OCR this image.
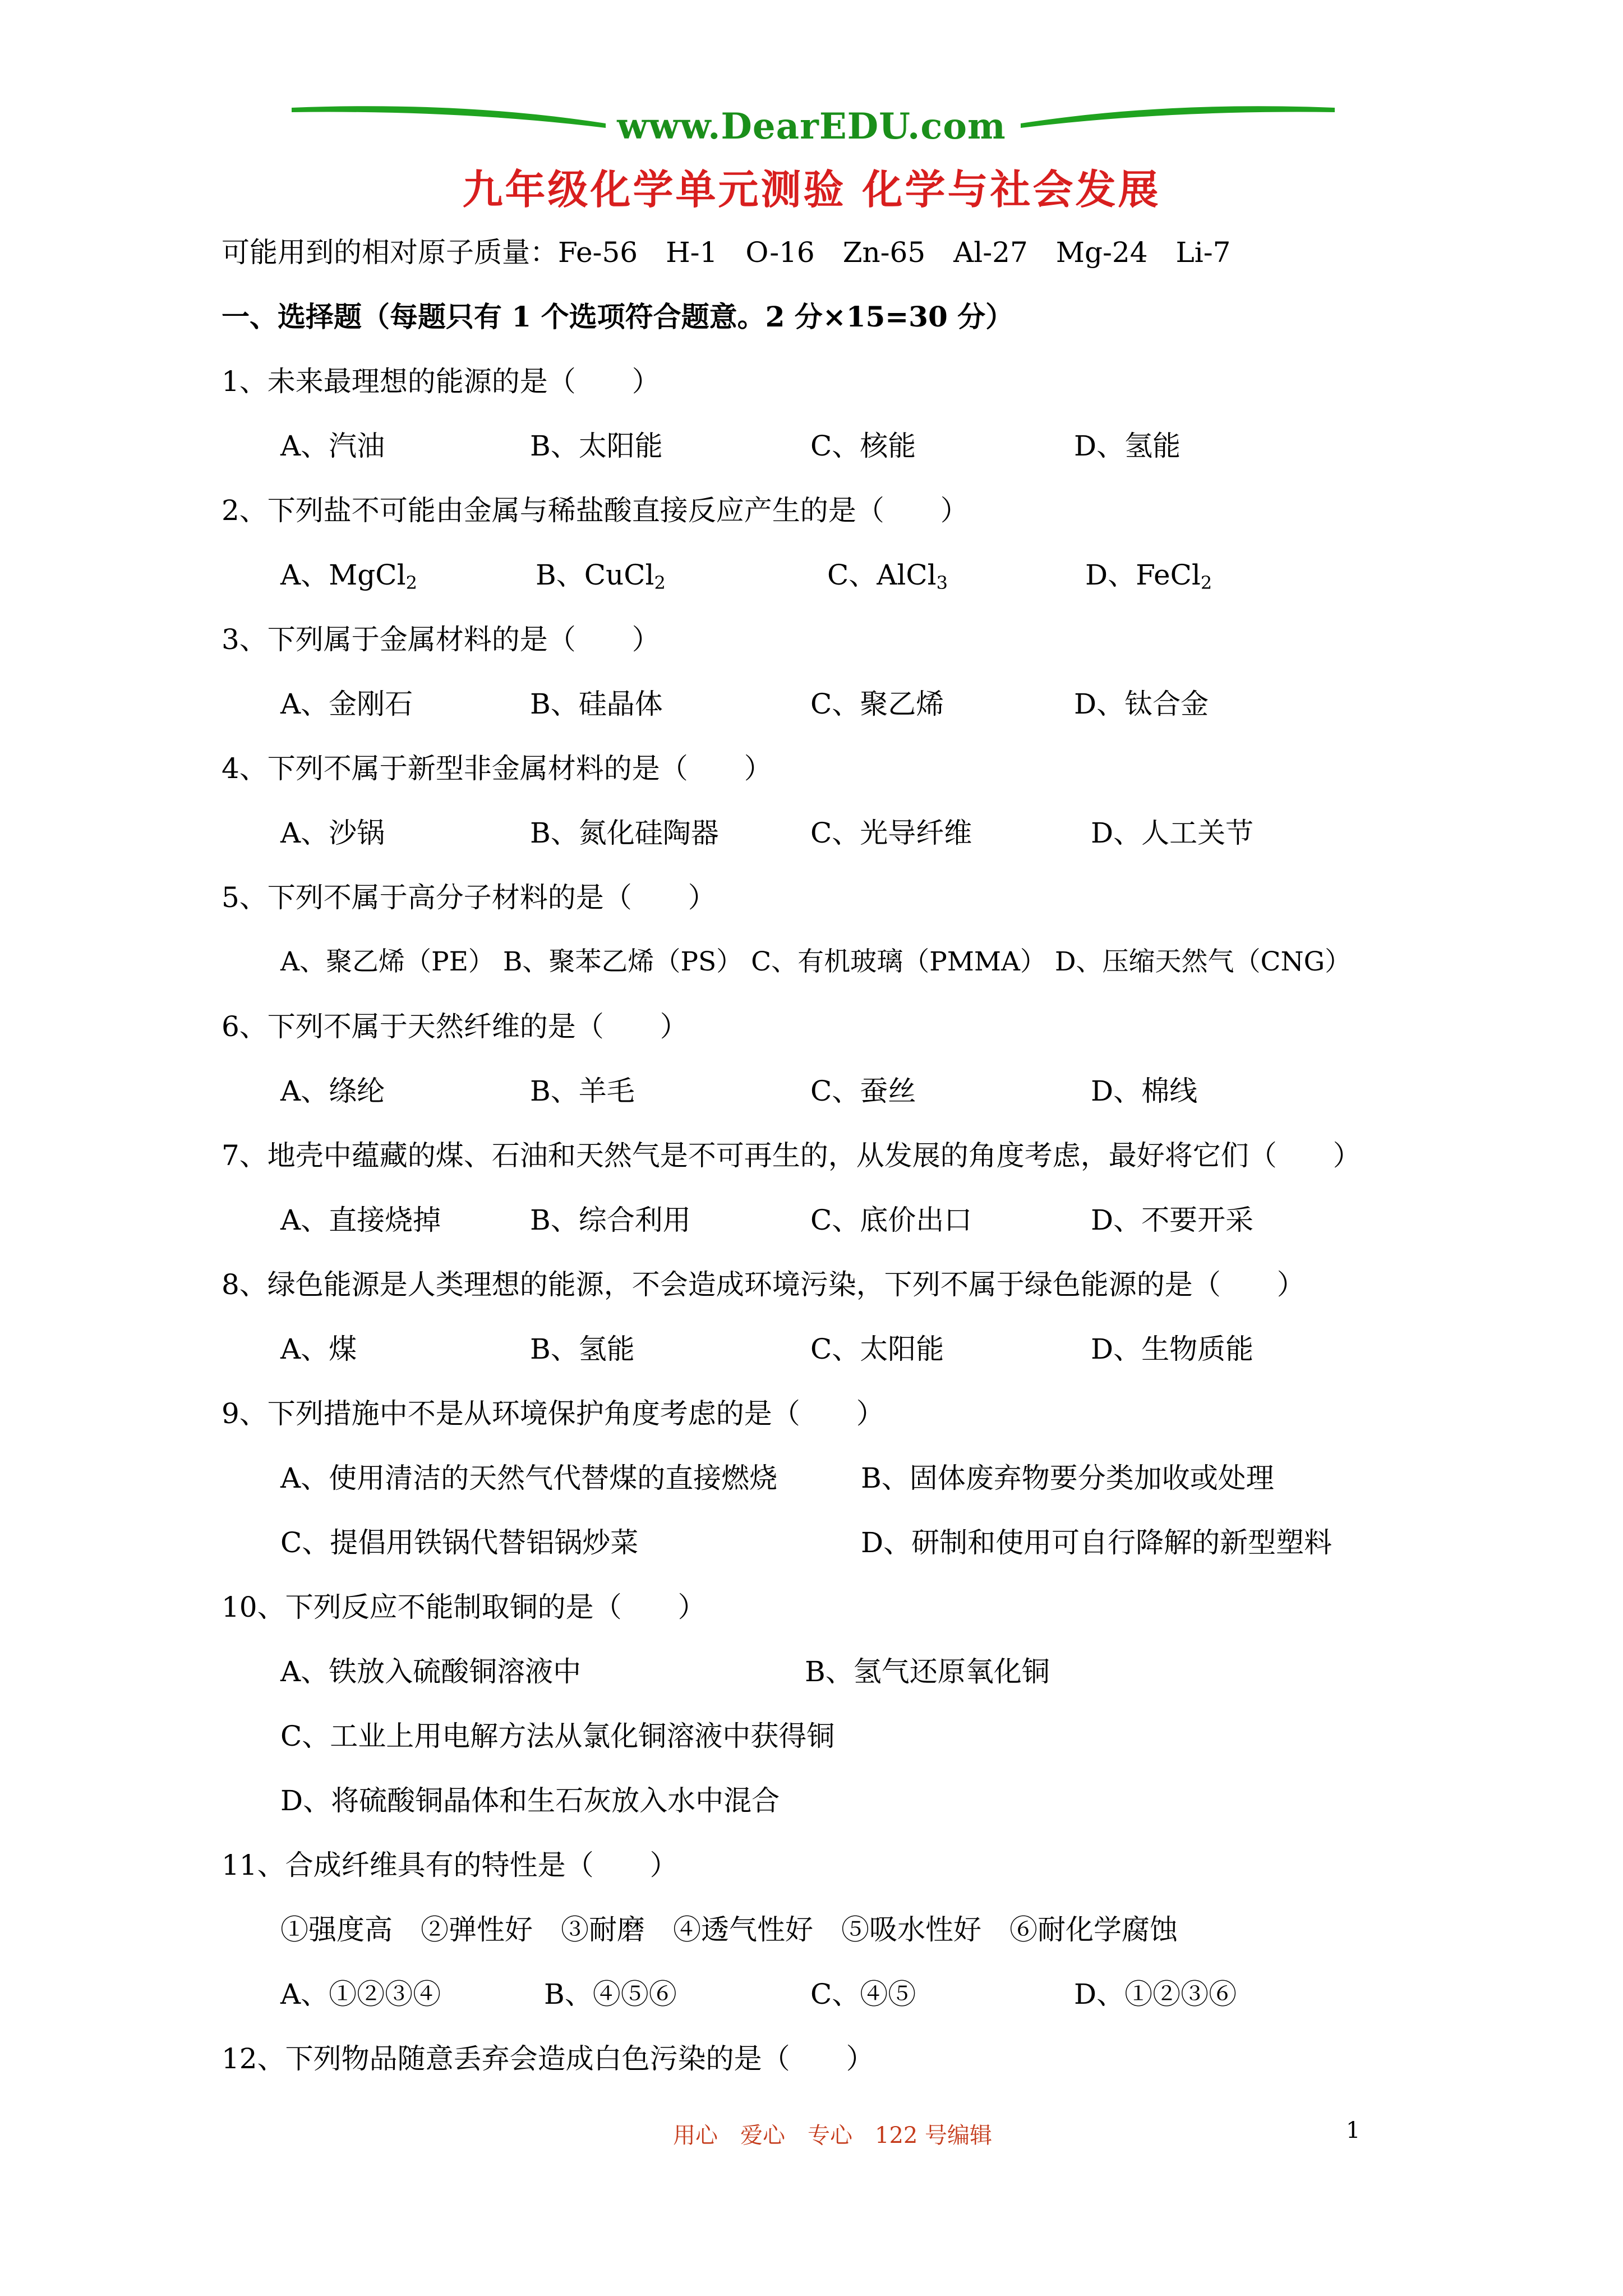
www.DearEDU.com
九年级化学单元测验 化学与社会发展
可能用到的相对原子质量：Fe-56　H-1　O-16　Zn-65　Al-27　Mg-24　Li-7
一、选择题（每题只有 1 个选项符合题意。2 分×15=30 分）
1、未来最理想的能源的是（　　）
A、汽油	B、太阳能	C、核能	D、氢能
2、下列盐不可能由金属与稀盐酸直接反应产生的是（　　）
A、MgCl$_2$	B、CuCl$_2$	C、AlCl$_3$	D、FeCl$_2$
3、下列属于金属材料的是（　　）
A、金刚石	B、硅晶体	C、聚乙烯	D、钛合金
4、下列不属于新型非金属材料的是（　　）
A、沙锅	B、氮化硅陶器	C、光导纤维	D、人工关节
5、下列不属于高分子材料的是（　　）
A、聚乙烯（PE） B、聚苯乙烯（PS） C、有机玻璃（PMMA） D、压缩天然气（CNG）
6、下列不属于天然纤维的是（　　）
A、绦纶	B、羊毛	C、蚕丝	D、棉线
7、地壳中蕴藏的煤、石油和天然气是不可再生的，从发展的角度考虑，最好将它们（　　）
A、直接烧掉	B、综合利用	C、底价出口	D、不要开采
8、绿色能源是人类理想的能源，不会造成环境污染，下列不属于绿色能源的是（　　）
A、煤	B、氢能	C、太阳能	D、生物质能
9、下列措施中不是从环境保护角度考虑的是（　　）
A、使用清洁的天然气代替煤的直接燃烧	B、固体废弃物要分类加收或处理
C、提倡用铁锅代替铝锅炒菜	D、研制和使用可自行降解的新型塑料
10、下列反应不能制取铜的是（　　）
A、铁放入硫酸铜溶液中	B、氢气还原氧化铜
C、工业上用电解方法从氯化铜溶液中获得铜
D、将硫酸铜晶体和生石灰放入水中混合
11、合成纤维具有的特性是（　　）
①强度高　②弹性好　③耐磨　④透气性好　⑤吸水性好　⑥耐化学腐蚀
A、①②③④	B、④⑤⑥	C、④⑤	D、①②③⑥
12、下列物品随意丢弃会造成白色污染的是（　　）
用心　爱心　专心　122 号编辑	1
